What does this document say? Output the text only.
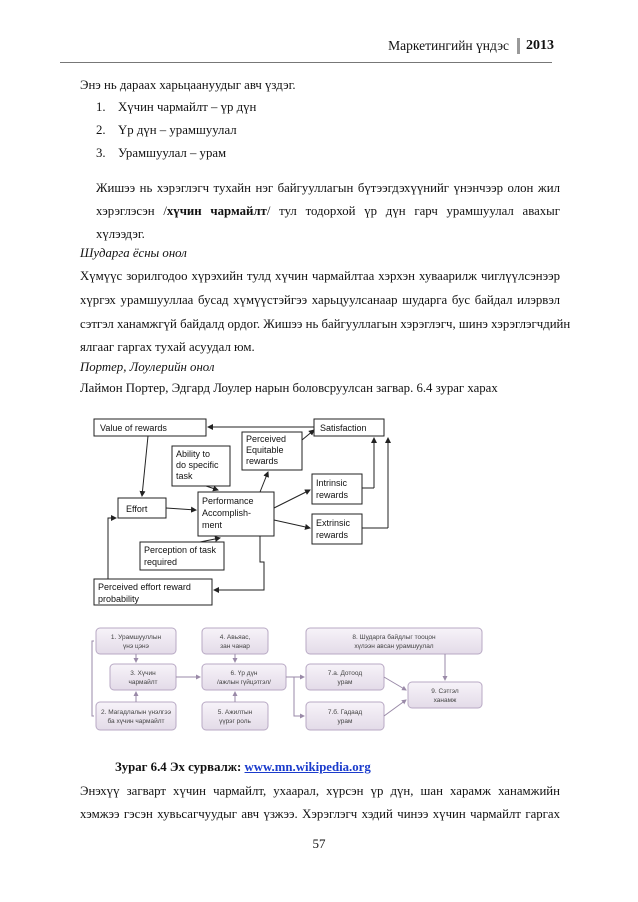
Маркетингийн үндэс	2013
Энэ нь дараах харьцаануудыг авч үздэг.
1. Хүчин чармайлт – үр дүн
2. Үр дүн – урамшуулал
3. Урамшуулал – урам
Жишээ нь хэрэглэгч тухайн нэг байгууллагын бүтээгдэхүүнийг үнэнчээр олон жил
хэрэглэсэн /хүчин чармайлт/ тул тодорхой үр дүн гарч урамшуулал авахыг
хүлээдэг.
Шударга ёсны онол
Хүмүүс зорилгодоо хүрэхийн тулд хүчин чармайлтаа хэрхэн хуваарилж чиглүүлсэнээр
хүргэх урамшууллаа бусад хүмүүстэйгээ харьцуулсанаар шударга бус байдал илэрвэл
сэтгэл ханамжгүй байдалд ордог. Жишээ нь байгууллагын хэрэглэгч, шинэ хэрэглэгчдийн
ялгааг гаргах тухай асуудал юм.
Портер, Лоулерийн онол
Лаймон Портер, Эдгард Лоулер нарын боловсруулсан загвар. 6.4 зураг харах
Value of rewards
Perceived
Equitable
rewards
Satisfaction
Ability to
do specific
task
Effort
Performance
Accomplish-
ment
Intrinsic
rewards
Extrinsic
rewards
Perception of task
required
Perceived effort reward
probability
1. Урамшууллын
үнэ цэнэ
2. Магадлалын үнэлгээ
ба хүчин чармайлт
3. Хүчин
чармайлт
4. Авьяас,
зан чанар
5. Ажилтын
үүрэг роль
6. Үр дүн
/ажлын гүйцэтгэл/
7.а. Дотоод
урам
7.б. Гадаад
урам
8. Шударга байдлыг тооцон
хүлээн авсан урамшуулал
9. Сэтгэл
ханамж
Зураг 6.4 Эх сурвалж: www.mn.wikipedia.org
Энэхүү загварт хүчин чармайлт, ухаарал, хүрсэн үр дүн, шан харамж ханамжийн
хэмжээ гэсэн хувьсагчуудыг авч үзжээ. Хэрэглэгч хэдий чинээ хүчин чармайлт гаргах
57
